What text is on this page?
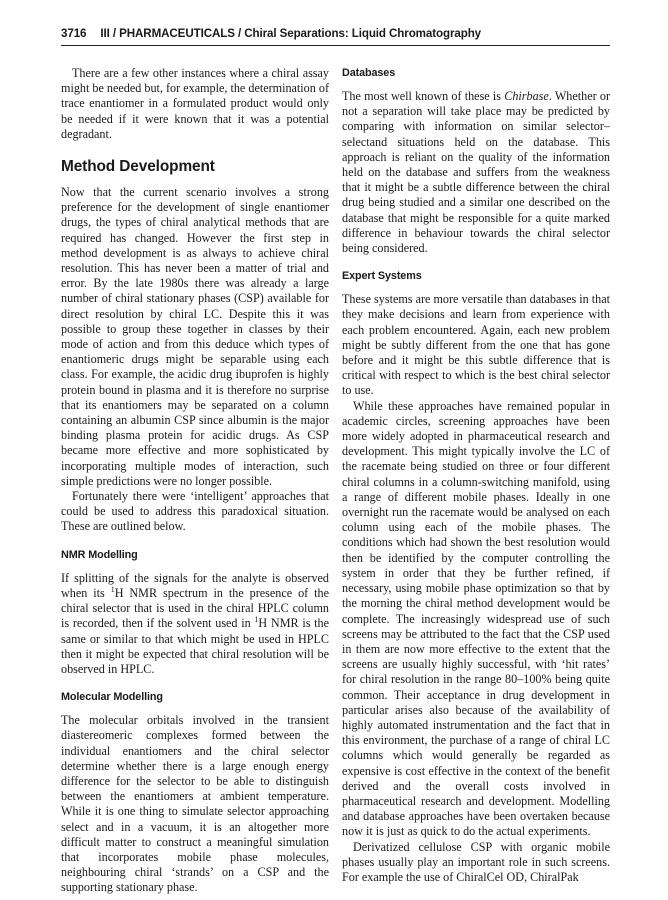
3716 III / PHARMACEUTICALS / Chiral Separations: Liquid Chromatography

There are a few other instances where a chiral assay might be needed but, for example, the determination of trace enantiomer in a formulated product would only be needed if it were known that it was a potential degradant.

Method Development

Now that the current scenario involves a strong preference for the development of single enantiomer drugs, the types of chiral analytical methods that are required has changed. However the first step in method development is as always to achieve chiral resolution. This has never been a matter of trial and error. By the late 1980s there was already a large number of chiral stationary phases (CSP) available for direct resolution by chiral LC. Despite this it was possible to group these together in classes by their mode of action and from this deduce which types of enantiomeric drugs might be separable using each class. For example, the acidic drug ibuprofen is highly protein bound in plasma and it is therefore no surprise that its enantiomers may be separated on a column containing an albumin CSP since albumin is the major binding plasma protein for acidic drugs. As CSP became more effective and more sophisticated by incorporating multiple modes of interaction, such simple predictions were no longer possible.

Fortunately there were ‘intelligent’ approaches that could be used to address this paradoxical situation. These are outlined below.

NMR Modelling

If splitting of the signals for the analyte is observed when its $^1$H NMR spectrum in the presence of the chiral selector that is used in the chiral HPLC column is recorded, then if the solvent used in $^1$H NMR is the same or similar to that which might be used in HPLC then it might be expected that chiral resolution will be observed in HPLC.

Molecular Modelling

The molecular orbitals involved in the transient diastereomeric complexes formed between the individual enantiomers and the chiral selector determine whether there is a large enough energy difference for the selector to be able to distinguish between the enantiomers at ambient temperature. While it is one thing to simulate selector approaching select and in a vacuum, it is an altogether more difficult matter to construct a meaningful simulation that incorporates mobile phase molecules, neighbouring chiral ‘strands’ on a CSP and the supporting stationary phase.

Databases

The most well known of these is Chirbase. Whether or not a separation will take place may be predicted by comparing with information on similar selector–selectand situations held on the database. This approach is reliant on the quality of the information held on the database and suffers from the weakness that it might be a subtle difference between the chiral drug being studied and a similar one described on the database that might be responsible for a quite marked difference in behaviour towards the chiral selector being considered.

Expert Systems

These systems are more versatile than databases in that they make decisions and learn from experience with each problem encountered. Again, each new problem might be subtly different from the one that has gone before and it might be this subtle difference that is critical with respect to which is the best chiral selector to use.

While these approaches have remained popular in academic circles, screening approaches have been more widely adopted in pharmaceutical research and development. This might typically involve the LC of the racemate being studied on three or four different chiral columns in a column-switching manifold, using a range of different mobile phases. Ideally in one overnight run the racemate would be analysed on each column using each of the mobile phases. The conditions which had shown the best resolution would then be identified by the computer controlling the system in order that they be further refined, if necessary, using mobile phase optimization so that by the morning the chiral method development would be complete. The increasingly widespread use of such screens may be attributed to the fact that the CSP used in them are now more effective to the extent that the screens are usually highly successful, with ‘hit rates’ for chiral resolution in the range 80–100% being quite common. Their acceptance in drug development in particular arises also because of the availability of highly automated instrumentation and the fact that in this environment, the purchase of a range of chiral LC columns which would generally be regarded as expensive is cost effective in the context of the benefit derived and the overall costs involved in pharmaceutical research and development. Modelling and database approaches have been overtaken because now it is just as quick to do the actual experiments.

Derivatized cellulose CSP with organic mobile phases usually play an important role in such screens. For example the use of ChiralCel OD, ChiralPak
